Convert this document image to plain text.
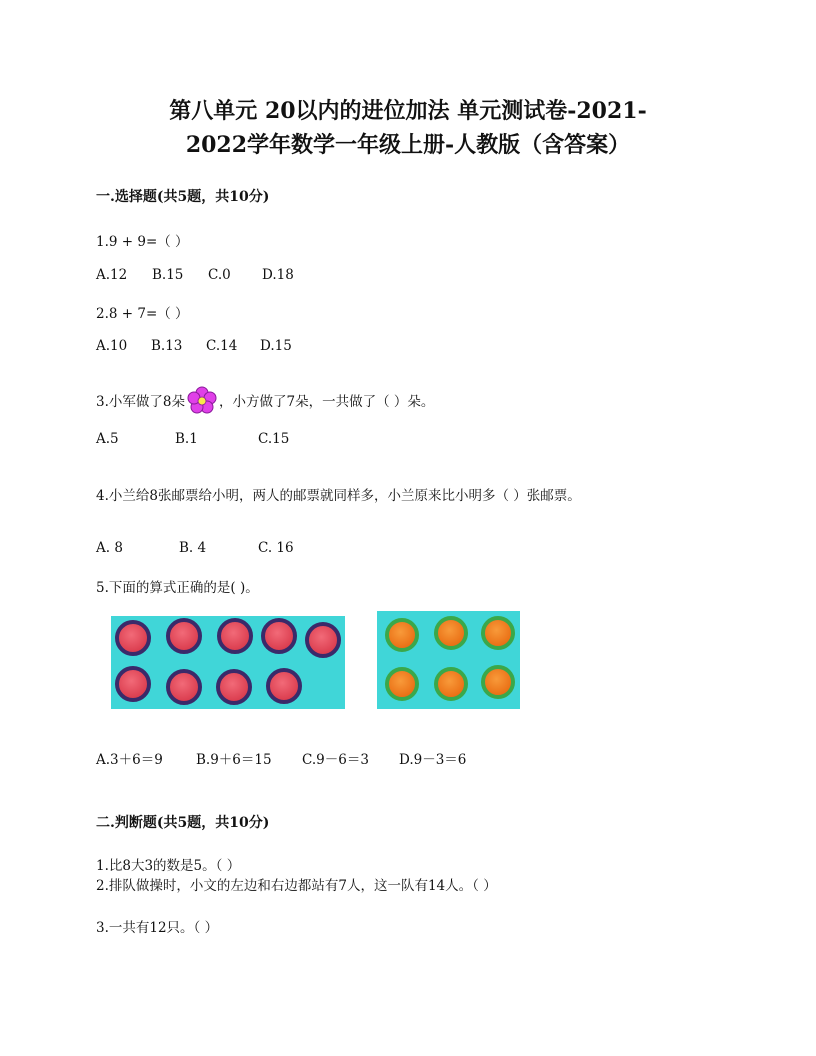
第八单元 20以内的进位加法 单元测试卷-2021-
2022学年数学一年级上册-人教版（含答案）
一.选择题(共5题，共10分)
1.9 + 9=（ ）
A.12 B.15 C.0 D.18
2.8 + 7=（ ）
A.10 B.13 C.14 D.15
3.小军做了8朵	，小方做了7朵，一共做了（ ）朵。
A.5	B.1	C.15
4.小兰给8张邮票给小明，两人的邮票就同样多，小兰原来比小明多（ ）张邮票。
A. 8	B. 4	C. 16
5.下面的算式正确的是( )。
A.3＋6＝9 B.9＋6＝15 C.9－6＝3 D.9－3＝6
二.判断题(共5题，共10分)
1.比8大3的数是5。（ ）
2.排队做操时，小文的左边和右边都站有7人，这一队有14人。（ ）
3.一共有12只。（ ）
